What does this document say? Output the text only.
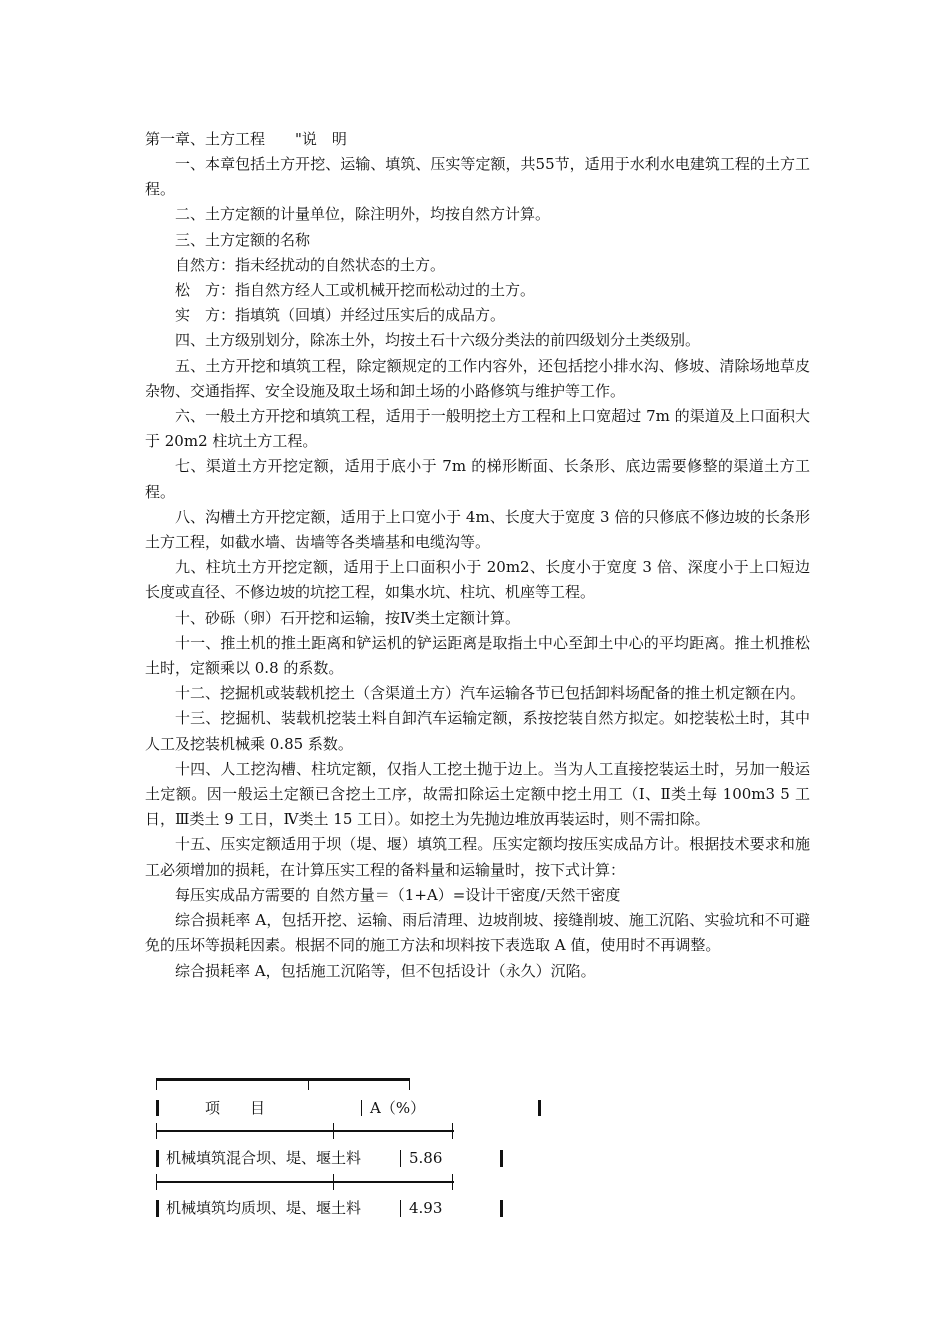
第一章、土方工程　　"说　明
一、本章包括土方开挖、运输、填筑、压实等定额，共55节，适用于水利水电建筑工程的土方工程。
二、土方定额的计量单位，除注明外，均按自然方计算。
三、土方定额的名称
自然方：指未经扰动的自然状态的土方。
松　方：指自然方经人工或机械开挖而松动过的土方。
实　方：指填筑（回填）并经过压实后的成品方。
四、土方级别划分，除冻土外，均按土石十六级分类法的前四级划分土类级别。
五、土方开挖和填筑工程，除定额规定的工作内容外，还包括挖小排水沟、修坡、清除场地草皮杂物、交通指挥、安全设施及取土场和卸土场的小路修筑与维护等工作。
六、一般土方开挖和填筑工程，适用于一般明挖土方工程和上口宽超过 7m 的渠道及上口面积大于 20m2 柱坑土方工程。
七、渠道土方开挖定额，适用于底小于 7m 的梯形断面、长条形、底边需要修整的渠道土方工程。
八、沟槽土方开挖定额，适用于上口宽小于 4m、长度大于宽度 3 倍的只修底不修边坡的长条形土方工程，如截水墙、齿墙等各类墙基和电缆沟等。
九、柱坑土方开挖定额，适用于上口面积小于 20m2、长度小于宽度 3 倍、深度小于上口短边长度或直径、不修边坡的坑挖工程，如集水坑、柱坑、机座等工程。
十、砂砾（卵）石开挖和运输，按Ⅳ类土定额计算。
十一、推土机的推土距离和铲运机的铲运距离是取指土中心至卸土中心的平均距离。推土机推松土时，定额乘以 0.8 的系数。
十二、挖掘机或装载机挖土（含渠道土方）汽车运输各节已包括卸料场配备的推土机定额在内。
十三、挖掘机、装载机挖装土料自卸汽车运输定额，系按挖装自然方拟定。如挖装松土时，其中人工及挖装机械乘 0.85 系数。
十四、人工挖沟槽、柱坑定额，仅指人工挖土抛于边上。当为人工直接挖装运土时，另加一般运土定额。因一般运土定额已含挖土工序，故需扣除运土定额中挖土用工（Ⅰ、Ⅱ类土每 100m3 5 工日，Ⅲ类土 9 工日，Ⅳ类土 15 工日）。如挖土为先抛边堆放再装运时，则不需扣除。
十五、压实定额适用于坝（堤、堰）填筑工程。压实定额均按压实成品方计。根据技术要求和施工必须增加的损耗，在计算压实工程的备料量和运输量时，按下式计算：
每压实成品方需要的 自然方量＝（1+A）=设计干密度/天然干密度
综合损耗率 A，包括开挖、运输、雨后清理、边坡削坡、接缝削坡、施工沉陷、实验坑和不可避免的压坏等损耗因素。根据不同的施工方法和坝料按下表选取 A 值，使用时不再调整。
综合损耗率 A，包括施工沉陷等，但不包括设计（永久）沉陷。
项　　目	A（%）
机械填筑混合坝、堤、堰土料	5.86
机械填筑均质坝、堤、堰土料	4.93
